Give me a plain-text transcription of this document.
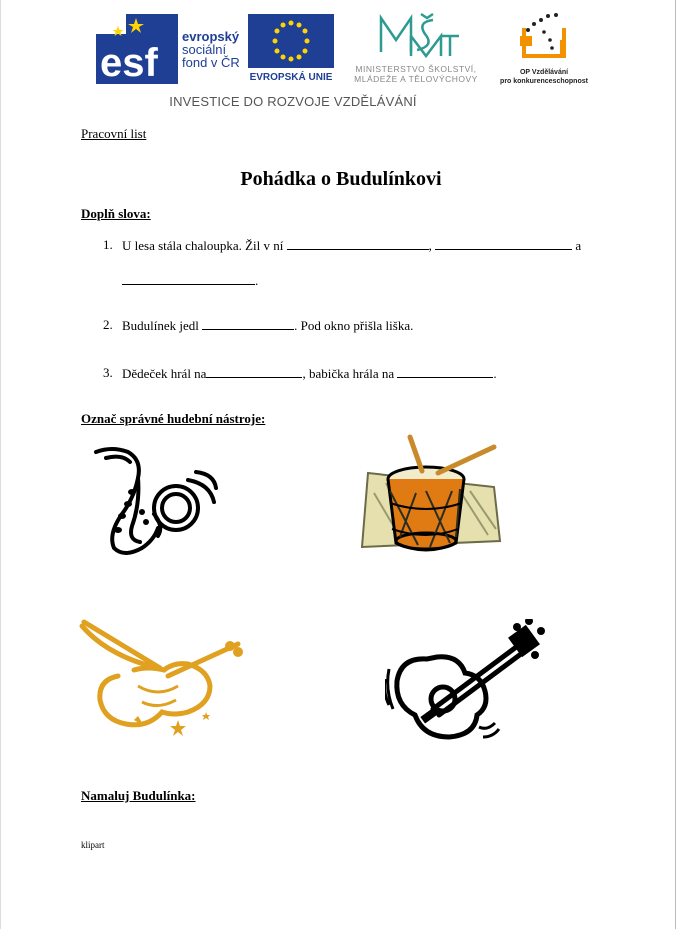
esf
evropský
sociální
fond v ČR
EVROPSKÁ UNIE
MINISTERSTVO ŠKOLSTVÍ,
MLÁDEŽE A TĚLOVÝCHOVY
OP Vzdělávání
pro konkurenceschopnost
INVESTICE DO ROZVOJE VZDĚLÁVÁNÍ
Pracovní list
Pohádka o Budulínkovi
Doplň slova:
1. U lesa stála chaloupka. Žil v ní	,	a
.
2. Budulínek jedl	. Pod okno přišla liška.
3. Dědeček hrál na	, babička hrála na	.
Označ správné hudební nástroje:
Namaluj Budulínka:
klipart
